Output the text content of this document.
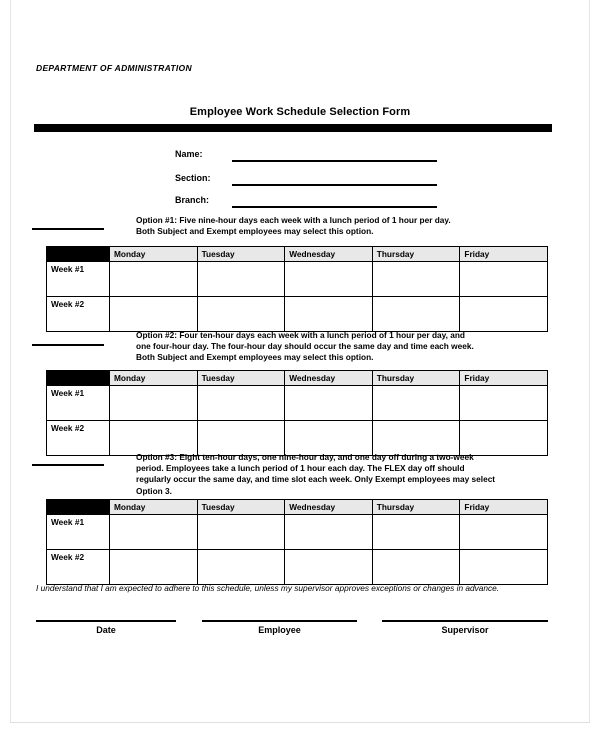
DEPARTMENT OF ADMINISTRATION
Employee Work Schedule Selection Form
Name:
Section:
Branch:
Option #1: Five nine-hour days each week with a lunch period of 1 hour per day.
Both Subject and Exempt employees may select this option.
	Monday	Tuesday	Wednesday	Thursday	Friday
Week #1					
Week #2					
Option #2: Four ten-hour days each week with a lunch period of 1 hour per day, and
one four-hour day. The four-hour day should occur the same day and time each week.
Both Subject and Exempt employees may select this option.
	Monday	Tuesday	Wednesday	Thursday	Friday
Week #1					
Week #2					
Option #3: Eight ten-hour days, one nine-hour day, and one day off during a two-week
period. Employees take a lunch period of 1 hour each day. The FLEX day off should
regularly occur the same day, and time slot each week. Only Exempt employees may select
Option 3.
	Monday	Tuesday	Wednesday	Thursday	Friday
Week #1					
Week #2					
I understand that I am expected to adhere to this schedule, unless my supervisor approves exceptions or changes in advance.
Date	Employee	Supervisor
